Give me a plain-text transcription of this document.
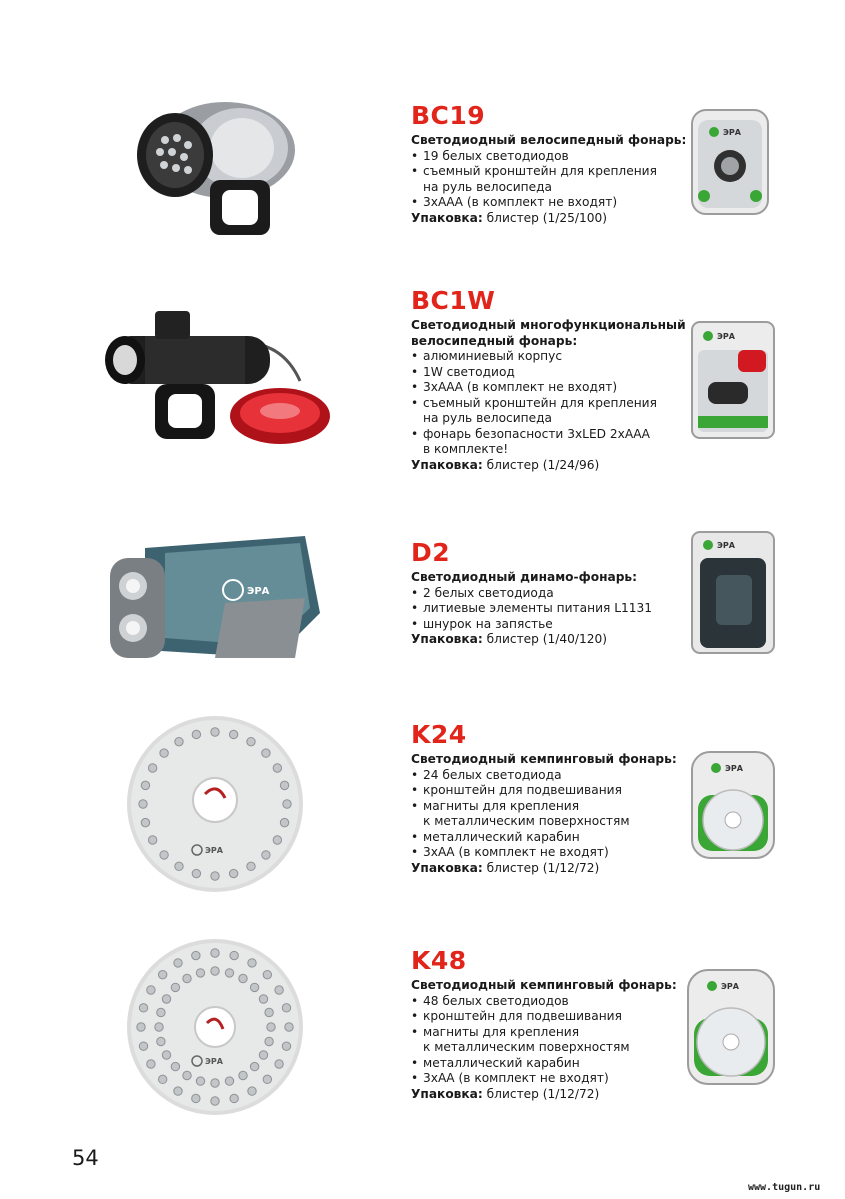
BC19
Светодиодный велосипедный фонарь:
• 19 белых светодиодов
• съемный кронштейн для крепления
на руль велосипеда
• 3хААА (в комплект не входят)
Упаковка: блистер (1/25/100)
ЭРА
BC1W
Светодиодный многофункциональный
велосипедный фонарь:
• алюминиевый корпус
• 1W светодиод
• 3хААА (в комплект не входят)
• съемный кронштейн для крепления
на руль велосипеда
• фонарь безопасности 3хLED 2хААА
в комплекте!
Упаковка: блистер (1/24/96)
ЭРА
ЭРА
D2
Светодиодный динамо-фонарь:
• 2 белых светодиода
• литиевые элементы питания L1131
• шнурок на запястье
Упаковка: блистер (1/40/120)
ЭРА
ЭРА
K24
Светодиодный кемпинговый фонарь:
• 24 белых светодиода
• кронштейн для подвешивания
• магниты для крепления
к металлическим поверхностям
• металлический карабин
• 3хАА (в комплект не входят)
Упаковка: блистер (1/12/72)
ЭРА
ЭРА
K48
Светодиодный кемпинговый фонарь:
• 48 белых светодиодов
• кронштейн для подвешивания
• магниты для крепления
к металлическим поверхностям
• металлический карабин
• 3хАА (в комплект не входят)
Упаковка: блистер (1/12/72)
ЭРА
54
www.tugun.ru
